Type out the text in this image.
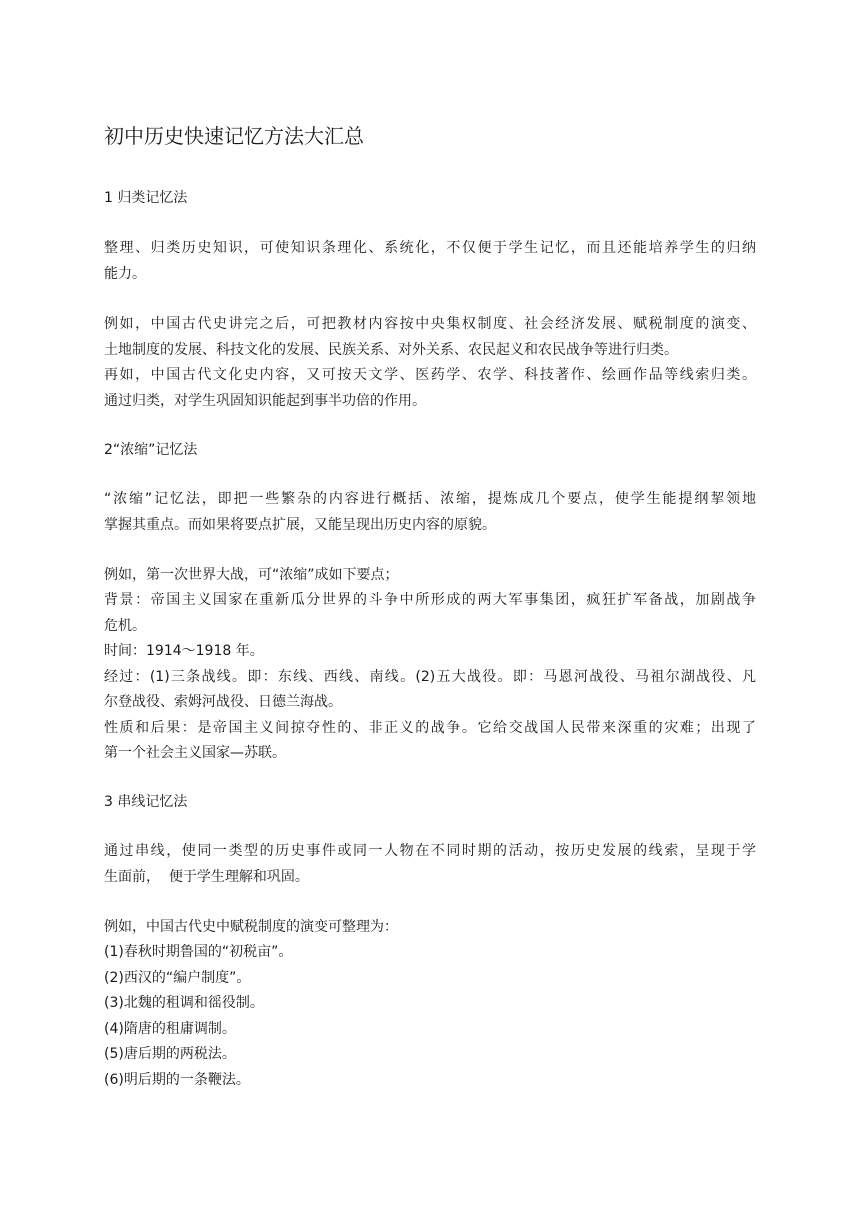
初中历史快速记忆方法大汇总
1 归类记忆法
整理、归类历史知识，可使知识条理化、系统化，不仅便于学生记忆，而且还能培养学生的归纳
能力。
例如，中国古代史讲完之后，可把教材内容按中央集权制度、社会经济发展、赋税制度的演变、
土地制度的发展、科技文化的发展、民族关系、对外关系、农民起义和农民战争等进行归类。
再如，中国古代文化史内容，又可按天文学、医药学、农学、科技著作、绘画作品等线索归类。
通过归类，对学生巩固知识能起到事半功倍的作用。
2“浓缩”记忆法
“浓缩”记忆法，即把一些繁杂的内容进行概括、浓缩，提炼成几个要点，使学生能提纲挈领地
掌握其重点。而如果将要点扩展，又能呈现出历史内容的原貌。
例如，第一次世界大战，可“浓缩”成如下要点；
背景：帝国主义国家在重新瓜分世界的斗争中所形成的两大军事集团，疯狂扩军备战，加剧战争
危机。
时间：1914～1918 年。
经过：(1)三条战线。即：东线、西线、南线。(2)五大战役。即：马恩河战役、马祖尔湖战役、凡
尔登战役、索姆河战役、日德兰海战。
性质和后果：是帝国主义间掠夺性的、非正义的战争。它给交战国人民带来深重的灾难；出现了
第一个社会主义国家—苏联。
3 串线记忆法
通过串线，使同一类型的历史事件或同一人物在不同时期的活动，按历史发展的线索，呈现于学
生面前，  便于学生理解和巩固。
例如，中国古代史中赋税制度的演变可整理为：
(1)春秋时期鲁国的“初税亩”。
(2)西汉的“编户制度”。
(3)北魏的租调和徭役制。
(4)隋唐的租庸调制。
(5)唐后期的两税法。
(6)明后期的一条鞭法。
